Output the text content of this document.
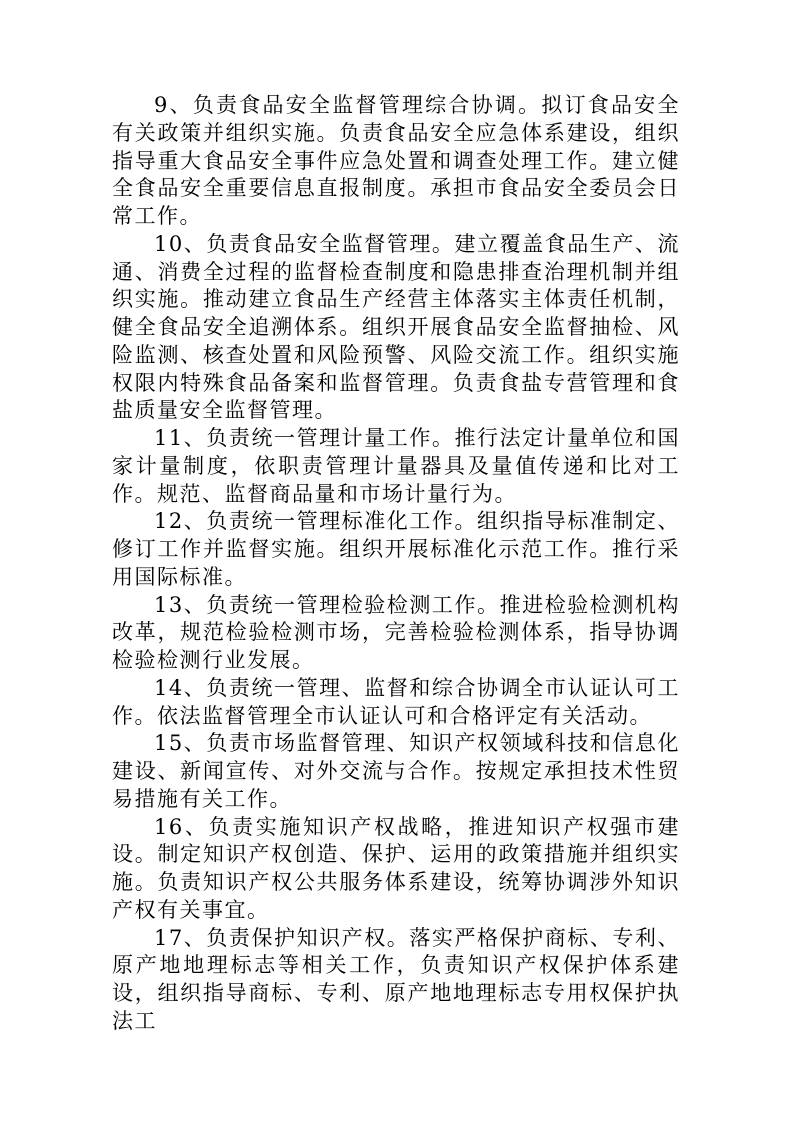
9、负责食品安全监督管理综合协调。拟订食品安全有关政策并组织实施。负责食品安全应急体系建设，组织指导重大食品安全事件应急处置和调查处理工作。建立健全食品安全重要信息直报制度。承担市食品安全委员会日常工作。

10、负责食品安全监督管理。建立覆盖食品生产、流通、消费全过程的监督检查制度和隐患排查治理机制并组织实施。推动建立食品生产经营主体落实主体责任机制，健全食品安全追溯体系。组织开展食品安全监督抽检、风险监测、核查处置和风险预警、风险交流工作。组织实施权限内特殊食品备案和监督管理。负责食盐专营管理和食盐质量安全监督管理。

11、负责统一管理计量工作。推行法定计量单位和国家计量制度，依职责管理计量器具及量值传递和比对工作。规范、监督商品量和市场计量行为。

12、负责统一管理标准化工作。组织指导标准制定、修订工作并监督实施。组织开展标准化示范工作。推行采用国际标准。

13、负责统一管理检验检测工作。推进检验检测机构改革，规范检验检测市场，完善检验检测体系，指导协调检验检测行业发展。

14、负责统一管理、监督和综合协调全市认证认可工作。依法监督管理全市认证认可和合格评定有关活动。

15、负责市场监督管理、知识产权领域科技和信息化建设、新闻宣传、对外交流与合作。按规定承担技术性贸易措施有关工作。

16、负责实施知识产权战略，推进知识产权强市建设。制定知识产权创造、保护、运用的政策措施并组织实施。负责知识产权公共服务体系建设，统筹协调涉外知识产权有关事宜。

17、负责保护知识产权。落实严格保护商标、专利、原产地地理标志等相关工作，负责知识产权保护体系建设，组织指导商标、专利、原产地地理标志专用权保护执法工
